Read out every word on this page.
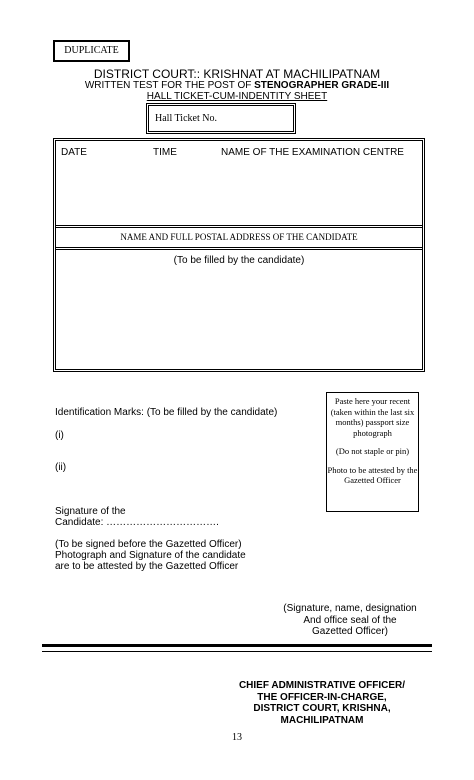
DUPLICATE
DISTRICT COURT:: KRISHNAT AT MACHILIPATNAM
WRITTEN TEST FOR THE POST OF STENOGRAPHER GRADE-III
HALL TICKET-CUM-INDENTITY SHEET
Hall Ticket No.
DATE	TIME	NAME OF THE EXAMINATION CENTRE
NAME AND FULL POSTAL ADDRESS OF THE CANDIDATE
(To be filled by the candidate)

Paste here your recent (taken within the last six months) passport size photograph

(Do not staple or pin)

Photo to be attested by the Gazetted Officer

Identification Marks: (To be filled by the candidate)
(i)
(ii)
Signature of the
Candidate: …………………………….
(To be signed before the Gazetted Officer)
Photograph and Signature of the candidate
are to be attested by the Gazetted Officer
(Signature, name, designation
And office seal of the
Gazetted Officer)
CHIEF ADMINISTRATIVE OFFICER/
THE OFFICER-IN-CHARGE,
DISTRICT COURT, KRISHNA,
MACHILIPATNAM
13
